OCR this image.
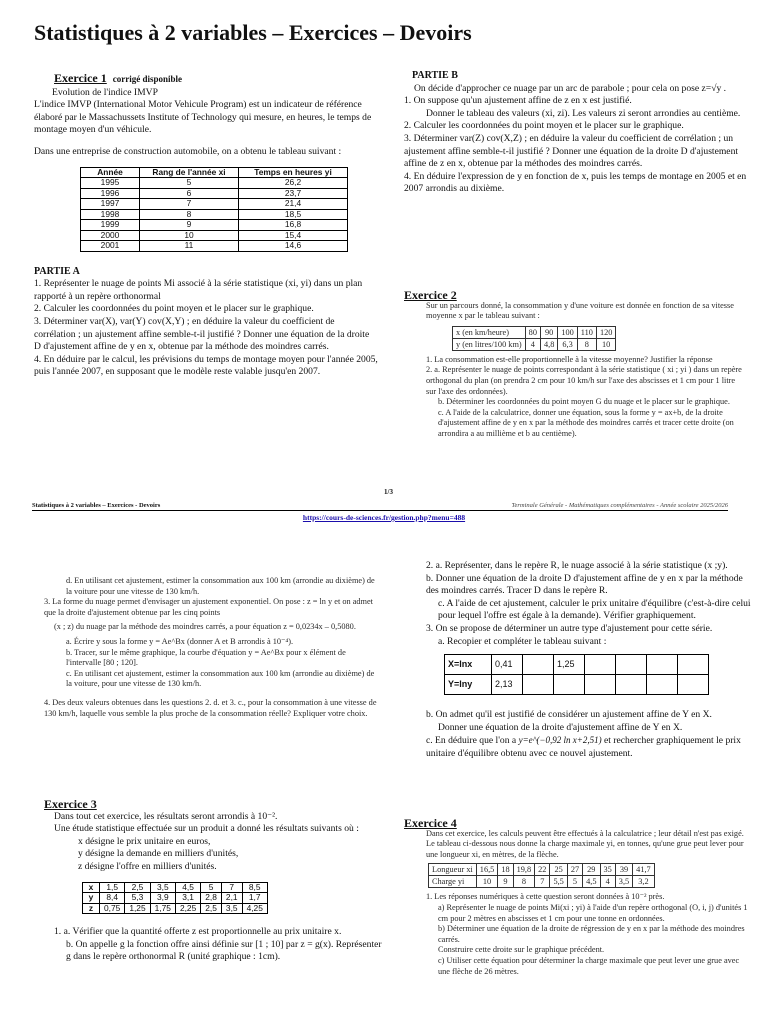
Statistiques à 2 variables – Exercices – Devoirs
Exercice 1 corrigé disponible

Evolution de l'indice IMVP

L'indice IMVP (International Motor Vehicule Program) est un indicateur de référence élaboré par le Massachussets Institute of Technology qui mesure, en heures, le temps de montage moyen d'un véhicule.

Dans une entreprise de construction automobile, on a obtenu le tableau suivant :

Année	Rang de l'année xi	Temps en heures yi
1995	5	26,2
1996	6	23,7
1997	7	21,4
1998	8	18,5
1999	9	16,8
2000	10	15,4
2001	11	14,6

PARTIE A

1. Représenter le nuage de points Mi associé à la série statistique (xi, yi) dans un plan rapporté à un repère orthonormal

2. Calculer les coordonnées du point moyen et le placer sur le graphique.

3. Déterminer var(X), var(Y) cov(X,Y) ; en déduire la valeur du coefficient de corrélation ; un ajustement affine semble-t-il justifié ? Donner une équation de la droite D d'ajustement affine de y en x, obtenue par la méthode des moindres carrés.

4. En déduire par le calcul, les prévisions du temps de montage moyen pour l'année 2005, puis l'année 2007, en supposant que le modèle reste valable jusqu'en 2007.

PARTIE B

On décide d'approcher ce nuage par un arc de parabole ; pour cela on pose z=√y .

1. On suppose qu'un ajustement affine de z en x est justifié.

Donner le tableau des valeurs (xi, zi). Les valeurs zi seront arrondies au centième.

2. Calculer les coordonnées du point moyen et le placer sur le graphique.

3. Déterminer var(Z) cov(X,Z) ; en déduire la valeur du coefficient de corrélation ; un ajustement affine semble-t-il justifié ? Donner une équation de la droite D d'ajustement affine de z en x, obtenue par la méthodes des moindres carrés.

4. En déduire l'expression de y en fonction de x, puis les temps de montage en 2005 et en 2007 arrondis au dixième.

Exercice 2

Sur un parcours donné, la consommation y d'une voiture est donnée en fonction de sa vitesse moyenne x par le tableau suivant :

x (en km/heure)	80	90	100	110	120
y (en litres/100 km)	4	4,8	6,3	8	10

1. La consommation est-elle proportionnelle à la vitesse moyenne? Justifier la réponse

2. a. Représenter le nuage de points correspondant à la série statistique ( xi ; yi ) dans un repère orthogonal du plan (on prendra 2 cm pour 10 km/h sur l'axe des abscisses et 1 cm pour 1 litre sur l'axe des ordonnées).

b. Déterminer les coordonnées du point moyen G du nuage et le placer sur le graphique.

c. A l'aide de la calculatrice, donner une équation, sous la forme y = ax+b, de la droite d'ajustement affine de y en x par la méthode des moindres carrés et tracer cette droite (on arrondira a au millième et b au centième).

1/3
Statistiques à 2 variables – Exercices - Devoirs	Terminale Générale - Mathématiques complémentaires - Année scolaire 2025/2026
https://cours-de-sciences.fr/gestion.php?menu=488

d. En utilisant cet ajustement, estimer la consommation aux 100 km (arrondie au dixième) de la voiture pour une vitesse de 130 km/h.

3. La forme du nuage permet d'envisager un ajustement exponentiel. On pose : z = ln y et on admet que la droite d'ajustement obtenue par les cinq points

(x ; z) du nuage par la méthode des moindres carrés, a pour équation z = 0,0234x – 0,5080.

a. Écrire y sous la forme y = Ae^Bx (donner A et B arrondis à 10⁻⁴).

b. Tracer, sur le même graphique, la courbe d'équation y = Ae^Bx pour x élément de l'intervalle [80 ; 120].

c. En utilisant cet ajustement, estimer la consommation aux 100 km (arrondie au dixième) de la voiture, pour une vitesse de 130 km/h.

4. Des deux valeurs obtenues dans les questions 2. d. et 3. c., pour la consommation à une vitesse de 130 km/h, laquelle vous semble la plus proche de la consommation réelle? Expliquer votre choix.

Exercice 3

Dans tout cet exercice, les résultats seront arrondis à 10⁻².

Une étude statistique effectuée sur un produit a donné les résultats suivants où :

x désigne le prix unitaire en euros,

y désigne la demande en milliers d'unités,

z désigne l'offre en milliers d'unités.

x	1,5	2,5	3,5	4,5	5	7	8,5
y	8,4	5,3	3,9	3,1	2,8	2,1	1,7
z	0,75	1,25	1,75	2,25	2,5	3,5	4,25

1. a. Vérifier que la quantité offerte z est proportionnelle au prix unitaire x.

b. On appelle g la fonction offre ainsi définie sur [1 ; 10] par z = g(x). Représenter g dans le repère orthonormal R (unité graphique : 1cm).

2. a. Représenter, dans le repère R, le nuage associé à la série statistique (x ;y).

b. Donner une équation de la droite D d'ajustement affine de y en x par la méthode des moindres carrés. Tracer D dans le repère R.

c. A l'aide de cet ajustement, calculer le prix unitaire d'équilibre (c'est-à-dire celui pour lequel l'offre est égale à la demande). Vérifier graphiquement.

3. On se propose de déterminer un autre type d'ajustement pour cette série.

a. Recopier et compléter le tableau suivant :

X=lnx	0,41		1,25				
Y=lny	2,13						

b. On admet qu'il est justifié de considérer un ajustement affine de Y en X.

Donner une équation de la droite d'ajustement affine de Y en X.

c. En déduire que l'on a y=e^(−0,92 ln x+2,51) et rechercher graphiquement le prix unitaire d'équilibre obtenu avec ce nouvel ajustement.

Exercice 4

Dans cet exercice, les calculs peuvent être effectués à la calculatrice ; leur détail n'est pas exigé.

Le tableau ci-dessous nous donne la charge maximale yi, en tonnes, qu'une grue peut lever pour une longueur xi, en mètres, de la flèche.

Longueur xi	16,5	18	19,8	22	25	27	29	35	39	41,7
Charge yi	10	9	8	7	5,5	5	4,5	4	3,5	3,2

1. Les réponses numériques à cette question seront données à 10⁻² près.

a) Représenter le nuage de points Mi(xi ; yi) à l'aide d'un repère orthogonal (O, i, j) d'unités 1 cm pour 2 mètres en abscisses et 1 cm pour une tonne en ordonnées.

b) Déterminer une équation de la droite de régression de y en x par la méthode des moindres carrés.

Construire cette droite sur le graphique précédent.

c) Utiliser cette équation pour déterminer la charge maximale que peut lever une grue avec une flèche de 26 mètres.
